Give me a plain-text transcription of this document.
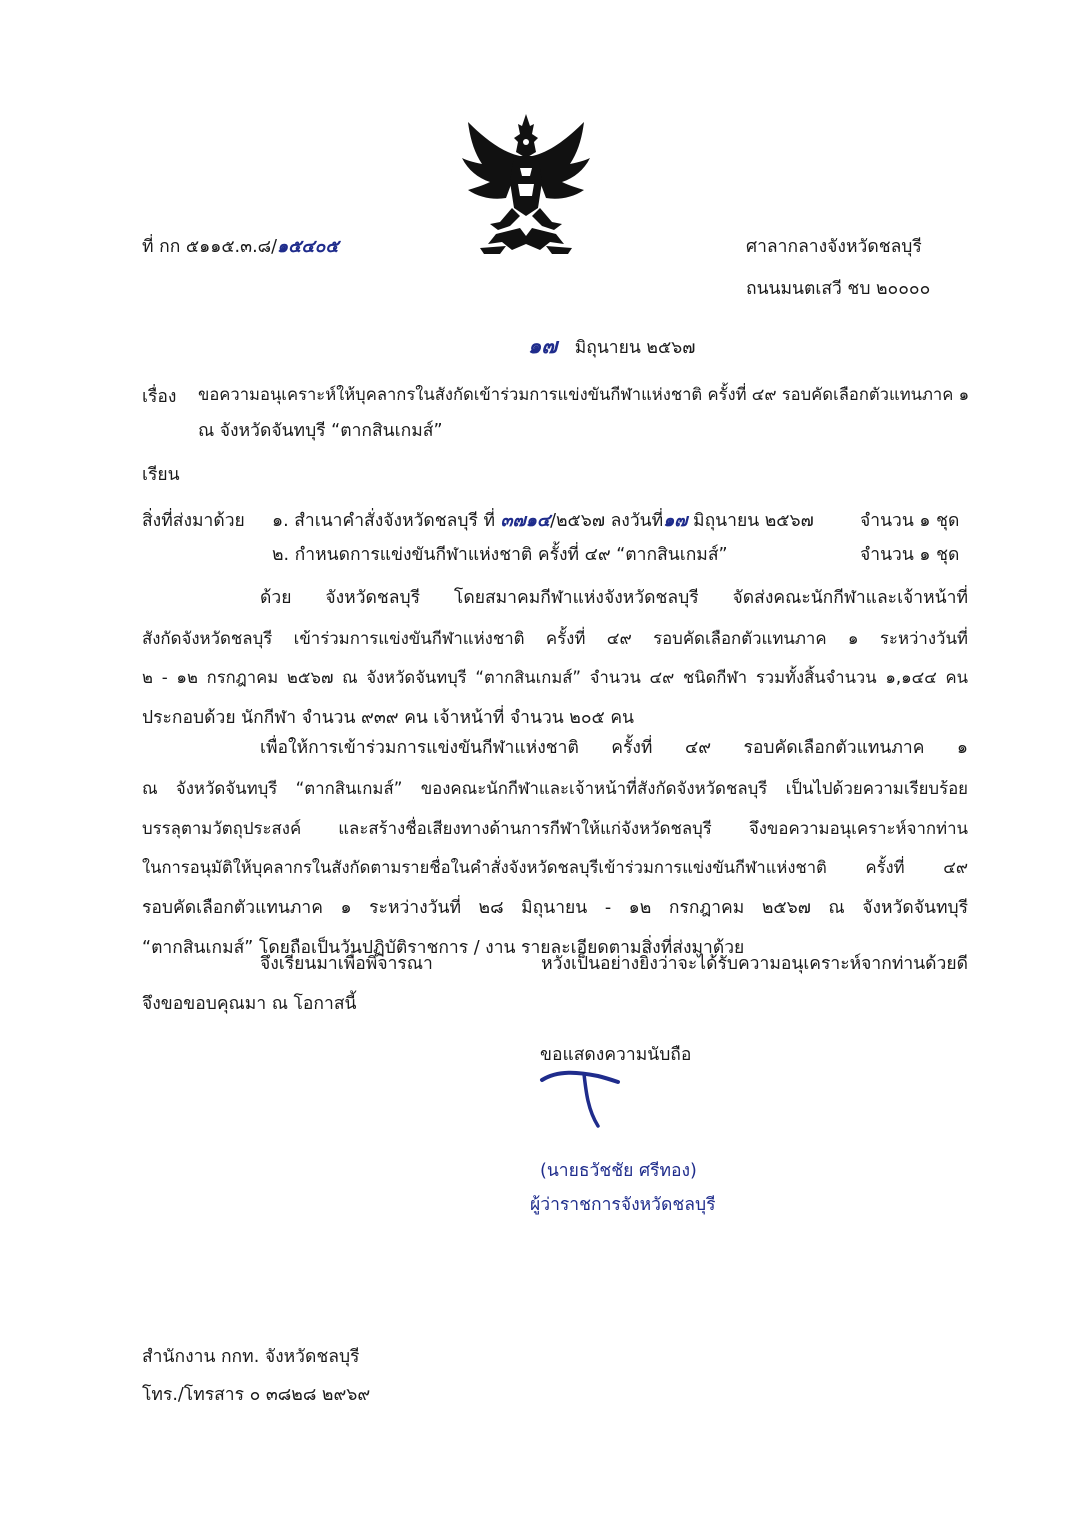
ที่ กก ๕๑๑๕.๓.๘/๑๕๔๐๕	ศาลากลางจังหวัดชลบุรี
ถนนมนตเสวี ชบ ๒๐๐๐๐
๑๗ มิถุนายน ๒๕๖๗
เรื่อง ขอความอนุเคราะห์ให้บุคลากรในสังกัดเข้าร่วมการแข่งขันกีฬาแห่งชาติ ครั้งที่ ๔๙ รอบคัดเลือกตัวแทนภาค ๑
ณ จังหวัดจันทบุรี “ตากสินเกมส์”
เรียน
สิ่งที่ส่งมาด้วย ๑. สำเนาคำสั่งจังหวัดชลบุรี ที่ ๓๗๑๔/๒๕๖๗ ลงวันที่๑๗ มิถุนายน ๒๕๖๗	จำนวน ๑ ชุด
๒. กำหนดการแข่งขันกีฬาแห่งชาติ ครั้งที่ ๔๙ “ตากสินเกมส์”	จำนวน ๑ ชุด
ด้วย จังหวัดชลบุรี โดยสมาคมกีฬาแห่งจังหวัดชลบุรี จัดส่งคณะนักกีฬาและเจ้าหน้าที่
สังกัดจังหวัดชลบุรี เข้าร่วมการแข่งขันกีฬาแห่งชาติ ครั้งที่ ๔๙ รอบคัดเลือกตัวแทนภาค ๑ ระหว่างวันที่
๒ - ๑๒ กรกฎาคม ๒๕๖๗ ณ จังหวัดจันทบุรี “ตากสินเกมส์” จำนวน ๔๙ ชนิดกีฬา รวมทั้งสิ้นจำนวน ๑,๑๔๔ คน
ประกอบด้วย นักกีฬา จำนวน ๙๓๙ คน เจ้าหน้าที่ จำนวน ๒๐๕ คน
เพื่อให้การเข้าร่วมการแข่งขันกีฬาแห่งชาติ ครั้งที่ ๔๙ รอบคัดเลือกตัวแทนภาค ๑
ณ จังหวัดจันทบุรี “ตากสินเกมส์” ของคณะนักกีฬาและเจ้าหน้าที่สังกัดจังหวัดชลบุรี เป็นไปด้วยความเรียบร้อย
บรรลุตามวัตถุประสงค์ และสร้างชื่อเสียงทางด้านการกีฬาให้แก่จังหวัดชลบุรี จึงขอความอนุเคราะห์จากท่าน
ในการอนุมัติให้บุคลากรในสังกัดตามรายชื่อในคำสั่งจังหวัดชลบุรีเข้าร่วมการแข่งขันกีฬาแห่งชาติ ครั้งที่ ๔๙
รอบคัดเลือกตัวแทนภาค ๑ ระหว่างวันที่ ๒๘ มิถุนายน - ๑๒ กรกฎาคม ๒๕๖๗ ณ จังหวัดจันทบุรี
“ตากสินเกมส์” โดยถือเป็นวันปฏิบัติราชการ / งาน รายละเอียดตามสิ่งที่ส่งมาด้วย
จึงเรียนมาเพื่อพิจารณา หวังเป็นอย่างยิ่งว่าจะได้รับความอนุเคราะห์จากท่านด้วยดี
จึงขอขอบคุณมา ณ โอกาสนี้
ขอแสดงความนับถือ
(นายธวัชชัย ศรีทอง)
ผู้ว่าราชการจังหวัดชลบุรี
สำนักงาน กกท. จังหวัดชลบุรี
โทร./โทรสาร ๐ ๓๘๒๘ ๒๙๖๙
